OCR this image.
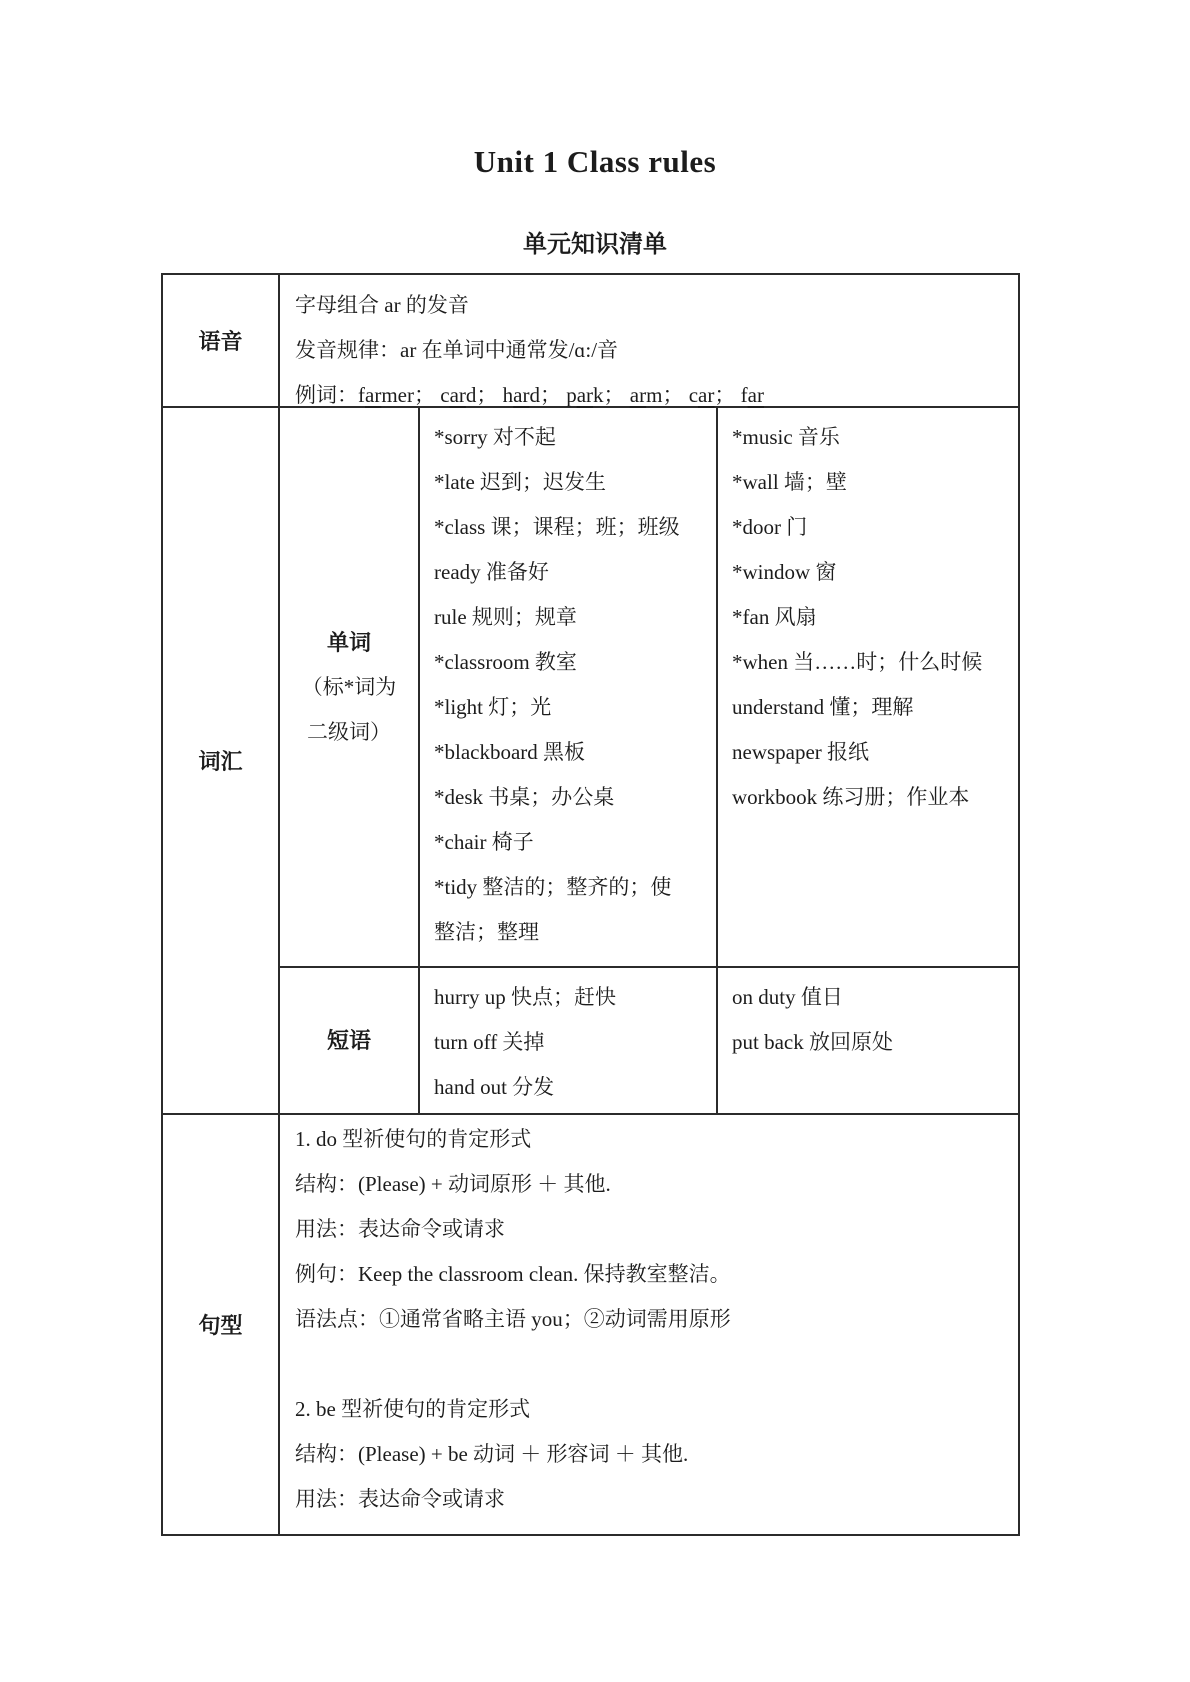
Unit 1 Class rules
单元知识清单
语音
字母组合 ar 的发音
发音规律：ar 在单词中通常发/ɑ:/音
例词：farmer； card； hard； park； arm； car； far
词汇
单词
（标*词为
二级词）
*sorry 对不起
*late 迟到；迟发生
*class 课；课程；班；班级
ready 准备好
rule 规则；规章
*classroom 教室
*light 灯；光
*blackboard 黑板
*desk 书桌；办公桌
*chair 椅子
*tidy 整洁的；整齐的；使
整洁；整理
*music 音乐
*wall 墙；壁
*door 门
*window 窗
*fan 风扇
*when 当……时；什么时候
understand 懂；理解
newspaper 报纸
workbook 练习册；作业本
短语
hurry up 快点；赶快
turn off 关掉
hand out 分发
on duty 值日
put back 放回原处
句型
1. do 型祈使句的肯定形式
结构：(Please) + 动词原形 ＋ 其他.
用法：表达命令或请求
例句：Keep the classroom clean. 保持教室整洁。
语法点：①通常省略主语 you；②动词需用原形

2. be 型祈使句的肯定形式
结构：(Please) + be 动词 ＋ 形容词 ＋ 其他.
用法：表达命令或请求
